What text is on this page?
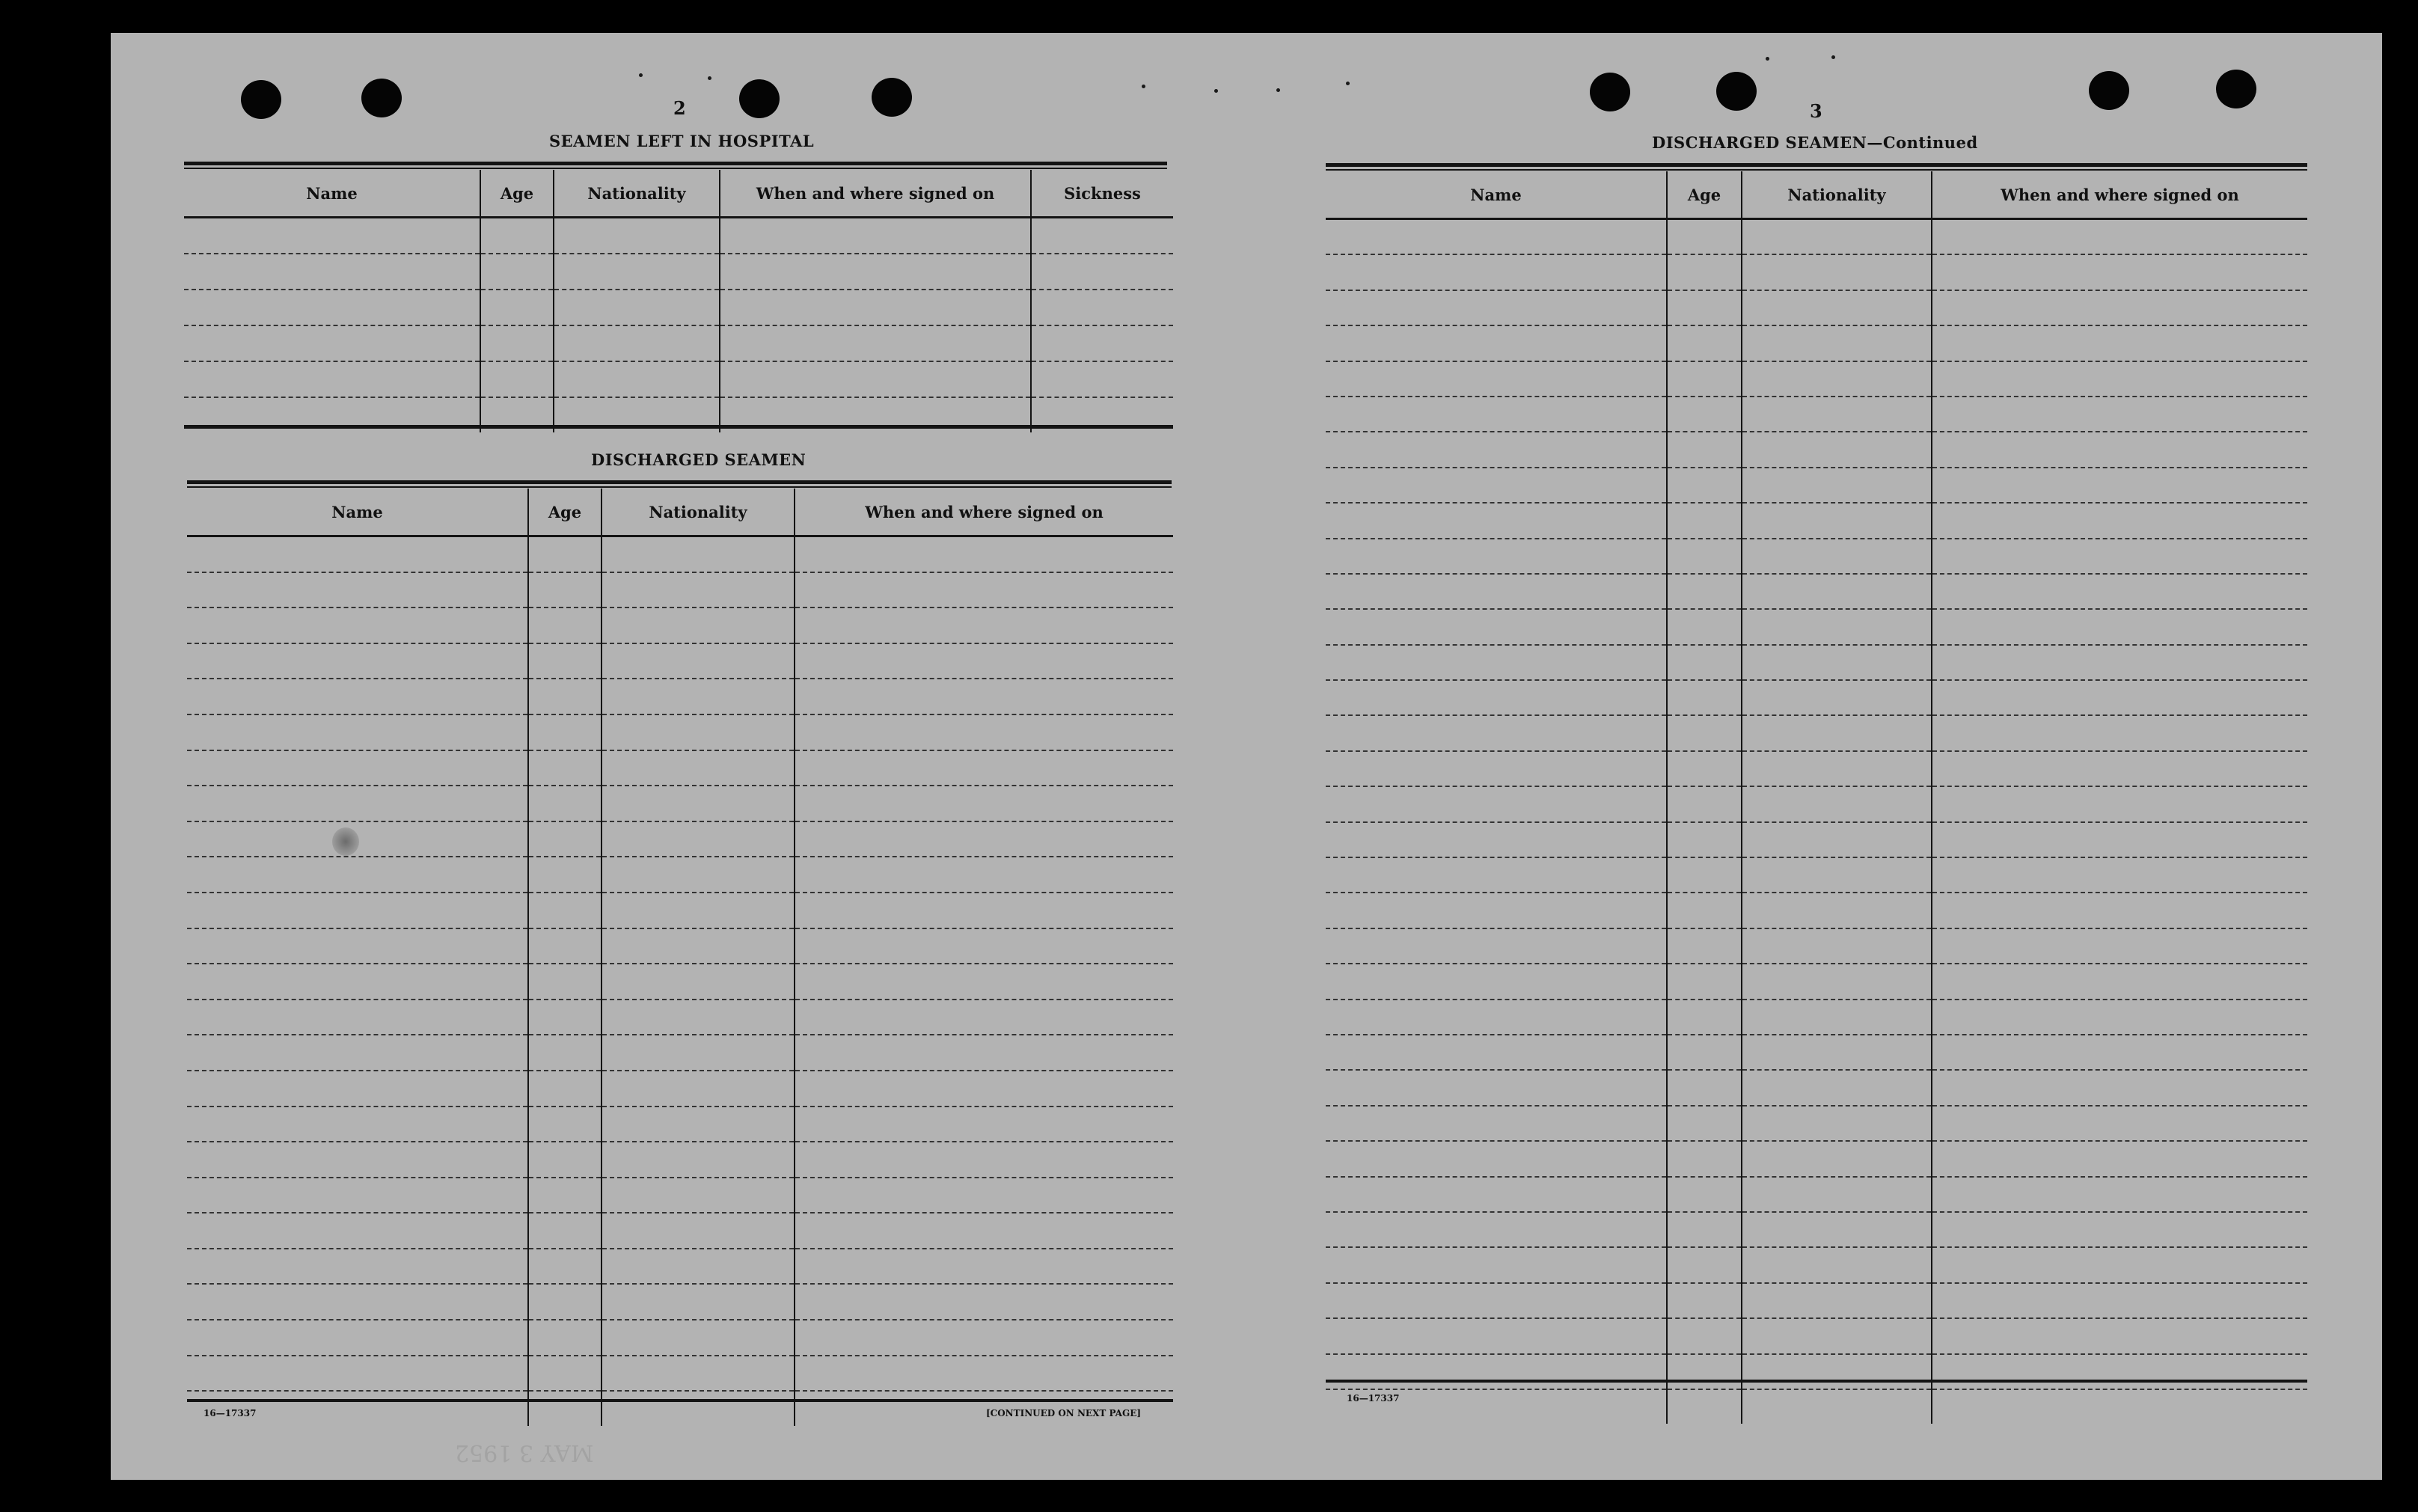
2
SEAMEN LEFT IN HOSPITAL
Name	Age	Nationality	When and where signed on	Sickness

DISCHARGED SEAMEN
Name	Age	Nationality	When and where signed on

16—17337	[CONTINUED ON NEXT PAGE]
MAY 3 1952
3
DISCHARGED SEAMEN—Continued
Name	Age	Nationality	When and where signed on

16—17337
